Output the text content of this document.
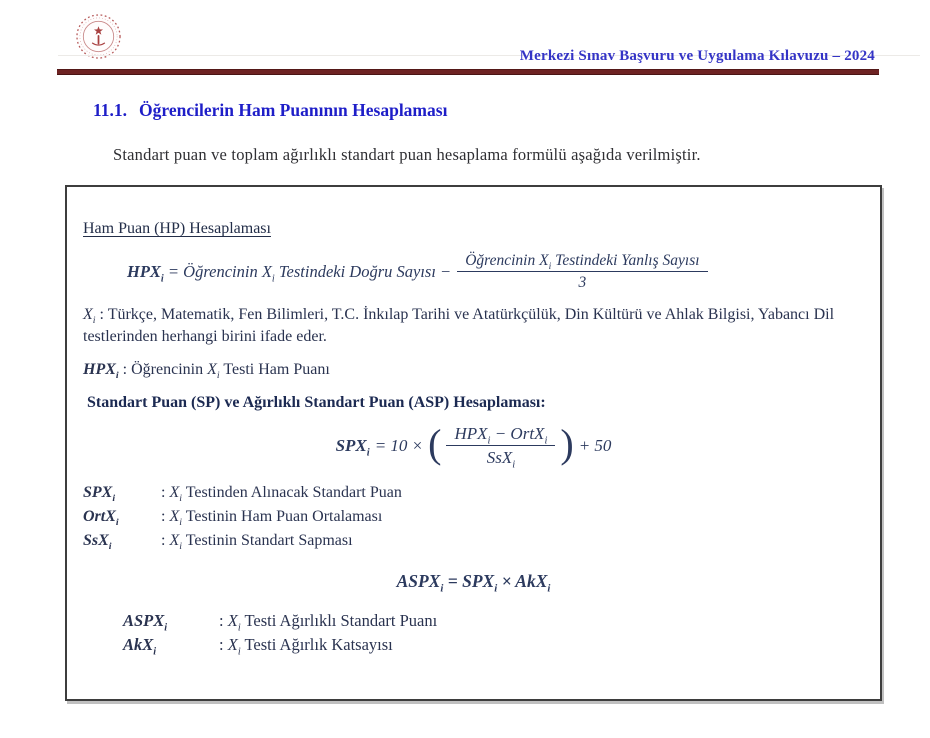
Merkezi Sınav Başvuru ve Uygulama Kılavuzu – 2024
11.1. Öğrencilerin Ham Puanının Hesaplaması
Standart puan ve toplam ağırlıklı standart puan hesaplama formülü aşağıda verilmiştir.
Ham Puan (HP) Hesaplaması
$HPX_i$ = Öğrencinin $X_i$ Testindeki Doğru Sayısı − $\frac{Öğrencinin X_i Testindeki Yanlış Sayısı}{3}$
$X_i$ : Türkçe, Matematik, Fen Bilimleri, T.C. İnkılap Tarihi ve Atatürkçülük, Din Kültürü ve Ahlak Bilgisi, Yabancı Dil testlerinden herhangi birini ifade eder.
$HPX_i$ : Öğrencinin $X_i$ Testi Ham Puanı
Standart Puan (SP) ve Ağırlıklı Standart Puan (ASP) Hesaplaması:
$SPX_i = 10$ × ( $\frac{HPX_i - OrtX_i}{SsX_i}$ ) + 50
$SPX_i$	: $X_i$ Testinden Alınacak Standart Puan
OrtX$_i$	: $X_i$ Testinin Ham Puan Ortalaması
SsX$_i$	: $X_i$ Testinin Standart Sapması
$ASPX_i = SPX_i \times AkX_i$
$ASPX_i$	: $X_i$ Testi Ağırlıklı Standart Puanı
AkX$_i$	: $X_i$ Testi Ağırlık Katsayısı
